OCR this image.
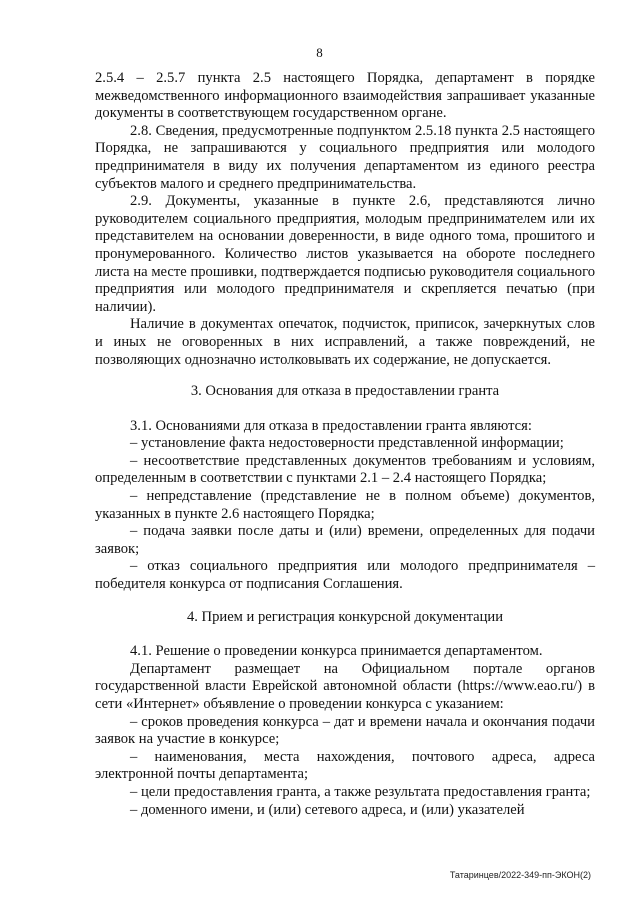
8

2.5.4 – 2.5.7 пункта 2.5 настоящего Порядка, департамент в порядке межведомственного информационного взаимодействия запрашивает указанные документы в соответствующем государственном органе.

2.8. Сведения, предусмотренные подпунктом 2.5.18 пункта 2.5 настоящего Порядка, не запрашиваются у социального предприятия или молодого предпринимателя в виду их получения департаментом из единого реестра субъектов малого и среднего предпринимательства.

2.9. Документы, указанные в пункте 2.6, представляются лично руководителем социального предприятия, молодым предпринимателем или их представителем на основании доверенности, в виде одного тома, прошитого и пронумерованного. Количество листов указывается на обороте последнего листа на месте прошивки, подтверждается подписью руководителя социального предприятия или молодого предпринимателя и скрепляется печатью (при наличии).

Наличие в документах опечаток, подчисток, приписок, зачеркнутых слов и иных не оговоренных в них исправлений, а также повреждений, не позволяющих однозначно истолковывать их содержание, не допускается.

3. Основания для отказа в предоставлении гранта

3.1. Основаниями для отказа в предоставлении гранта являются:

– установление факта недостоверности представленной информации;

– несоответствие представленных документов требованиям и условиям, определенным в соответствии с пунктами 2.1 – 2.4 настоящего Порядка;

– непредставление (представление не в полном объеме) документов, указанных в пункте 2.6 настоящего Порядка;

– подача заявки после даты и (или) времени, определенных для подачи заявок;

– отказ социального предприятия или молодого предпринимателя – победителя конкурса от подписания Соглашения.

4. Прием и регистрация конкурсной документации

4.1. Решение о проведении конкурса принимается департаментом.

Департамент размещает на Официальном портале органов государственной власти Еврейской автономной области (https://www.eao.ru/) в сети «Интернет» объявление о проведении конкурса с указанием:

– сроков проведения конкурса – дат и времени начала и окончания подачи заявок на участие в конкурсе;

– наименования, места нахождения, почтового адреса, адреса электронной почты департамента;

– цели предоставления гранта, а также результата предоставления гранта;

– доменного имени, и (или) сетевого адреса, и (или) указателей

Татаринцев/2022-349-пп-ЭКОН(2)
